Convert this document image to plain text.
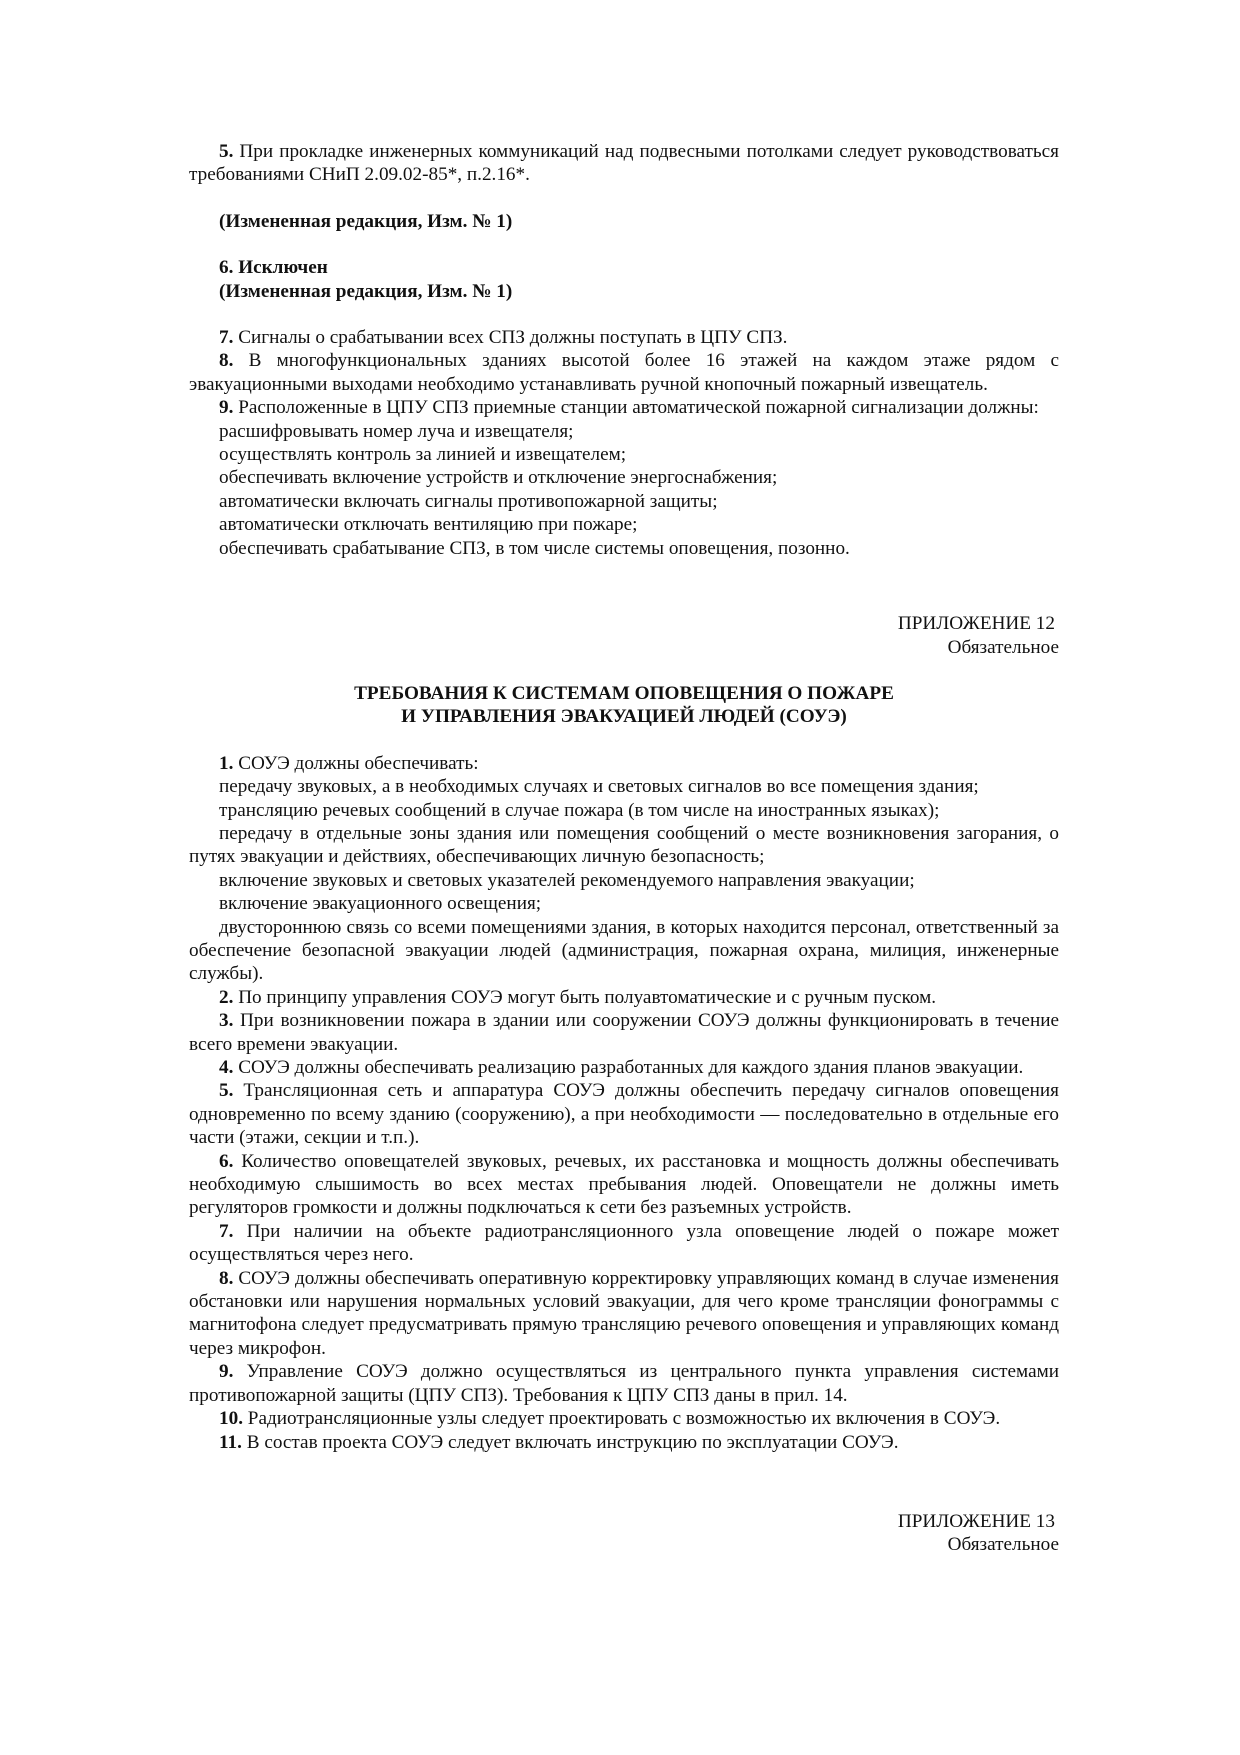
5. При прокладке инженерных коммуникаций над подвесными потолками следует руководствоваться требованиями СНиП 2.09.02-85*, п.2.16*.

(Измененная редакция, Изм. № 1)

6. Исключен

(Измененная редакция, Изм. № 1)

7. Сигналы о срабатывании всех СПЗ должны поступать в ЦПУ СПЗ.

8. В многофункциональных зданиях высотой более 16 этажей на каждом этаже рядом с эвакуационными выходами необходимо устанавливать ручной кнопочный пожарный извещатель.

9. Расположенные в ЦПУ СПЗ приемные станции автоматической пожарной сигнализации должны:

расшифровывать номер луча и извещателя;

осуществлять контроль за линией и извещателем;

обеспечивать включение устройств и отключение энергоснабжения;

автоматически включать сигналы противопожарной защиты;

автоматически отключать вентиляцию при пожаре;

обеспечивать срабатывание СПЗ, в том числе системы оповещения, позонно.

ПРИЛОЖЕНИЕ 12

Обязательное

ТРЕБОВАНИЯ К СИСТЕМАМ ОПОВЕЩЕНИЯ О ПОЖАРЕ

И УПРАВЛЕНИЯ ЭВАКУАЦИЕЙ ЛЮДЕЙ (СОУЭ)

1. СОУЭ должны обеспечивать:

передачу звуковых, а в необходимых случаях и световых сигналов во все помещения здания;

трансляцию речевых сообщений в случае пожара (в том числе на иностранных языках);

передачу в отдельные зоны здания или помещения сообщений о месте возникновения загорания, о путях эвакуации и действиях, обеспечивающих личную безопасность;

включение звуковых и световых указателей рекомендуемого направления эвакуации;

включение эвакуационного освещения;

двустороннюю связь со всеми помещениями здания, в которых находится персонал, ответственный за обеспечение безопасной эвакуации людей (администрация, пожарная охрана, милиция, инженерные службы).

2. По принципу управления СОУЭ могут быть полуавтоматические и с ручным пуском.

3. При возникновении пожара в здании или сооружении СОУЭ должны функционировать в течение всего времени эвакуации.

4. СОУЭ должны обеспечивать реализацию разработанных для каждого здания планов эвакуации.

5. Трансляционная сеть и аппаратура СОУЭ должны обеспечить передачу сигналов оповещения одновременно по всему зданию (сооружению), а при необходимости — последовательно в отдельные его части (этажи, секции и т.п.).

6. Количество оповещателей звуковых, речевых, их расстановка и мощность должны обеспечивать необходимую слышимость во всех местах пребывания людей. Оповещатели не должны иметь регуляторов громкости и должны подключаться к сети без разъемных устройств.

7. При наличии на объекте радиотрансляционного узла оповещение людей о пожаре может осуществляться через него.

8. СОУЭ должны обеспечивать оперативную корректировку управляющих команд в случае изменения обстановки или нарушения нормальных условий эвакуации, для чего кроме трансляции фонограммы с магнитофона следует предусматривать прямую трансляцию речевого оповещения и управляющих команд через микрофон.

9. Управление СОУЭ должно осуществляться из центрального пункта управления системами противопожарной защиты (ЦПУ СПЗ). Требования к ЦПУ СПЗ даны в прил. 14.

10. Радиотрансляционные узлы следует проектировать с возможностью их включения в СОУЭ.

11. В состав проекта СОУЭ следует включать инструкцию по эксплуатации СОУЭ.

ПРИЛОЖЕНИЕ 13

Обязательное
